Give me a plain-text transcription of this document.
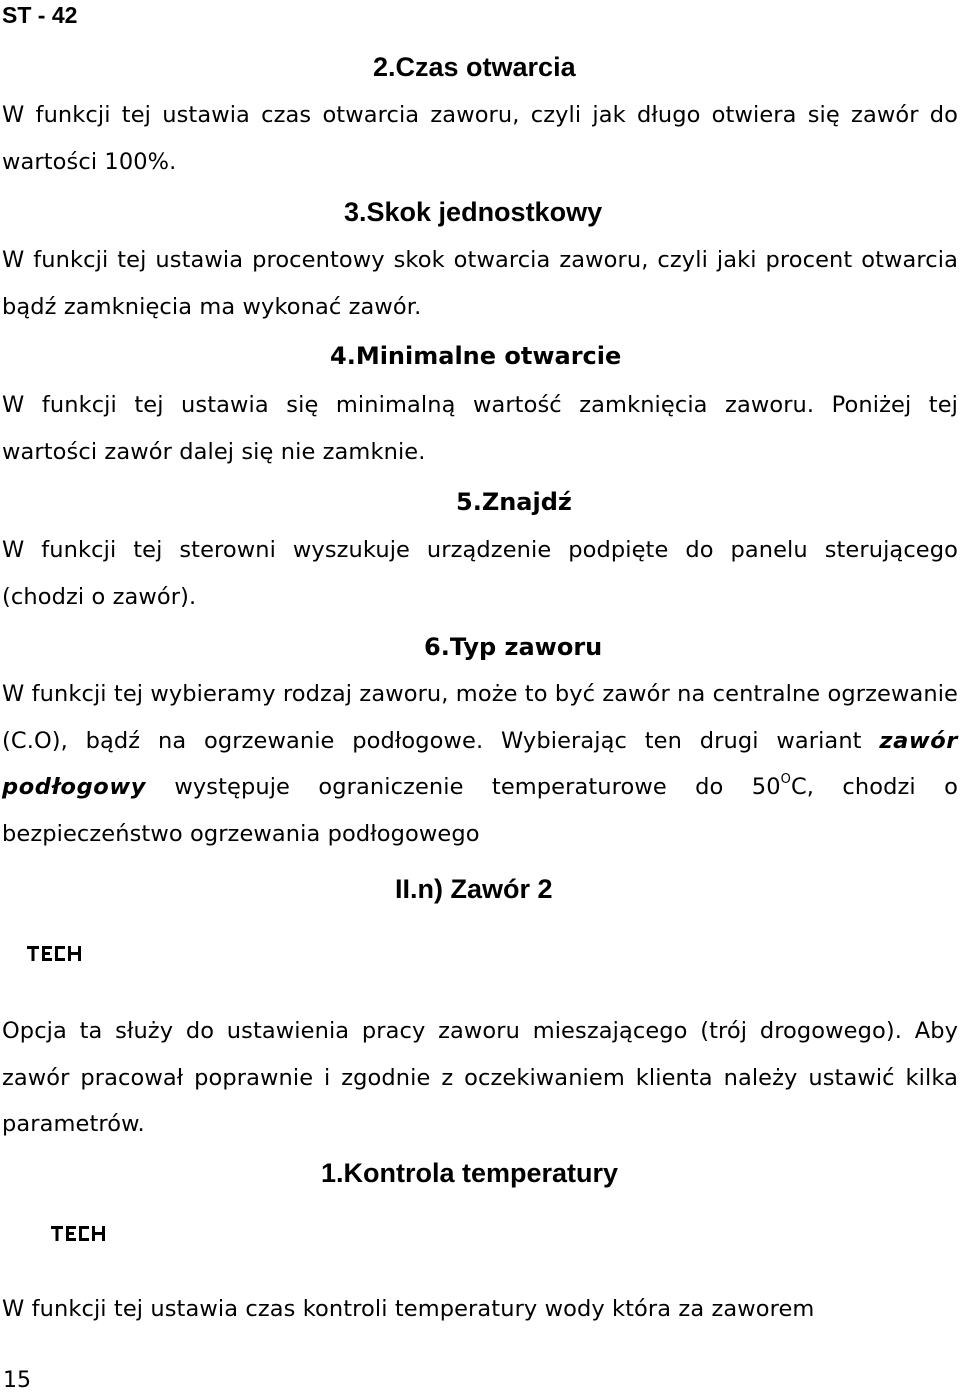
ST - 42
2.Czas otwarcia
W funkcji tej ustawia czas otwarcia zaworu, czyli jak długo otwiera się zawór do wartości 100%.
3.Skok jednostkowy
W funkcji tej ustawia procentowy skok otwarcia zaworu, czyli jaki procent otwarcia bądź zamknięcia ma wykonać zawór.
4.Minimalne otwarcie
W funkcji tej ustawia się minimalną wartość zamknięcia zaworu. Poniżej tej wartości zawór dalej się nie zamknie.
5.Znajdź
W funkcji tej sterowni wyszukuje urządzenie podpięte do panelu sterującego (chodzi o zawór).
6.Typ zaworu
W funkcji tej wybieramy rodzaj zaworu, może to być zawór na centralne ogrzewanie (C.O), bądź na ogrzewanie podłogowe. Wybierając ten drugi wariant zawór podłogowy występuje ograniczenie temperaturowe do $50^OC$, chodzi o bezpieczeństwo ogrzewania podłogowego
II.n) Zawór 2
Opcja ta służy do ustawienia pracy zaworu mieszającego (trój drogowego). Aby zawór pracował poprawnie i zgodnie z oczekiwaniem klienta należy ustawić kilka parametrów.
1.Kontrola temperatury
W funkcji tej ustawia czas kontroli temperatury wody która za zaworem
15
